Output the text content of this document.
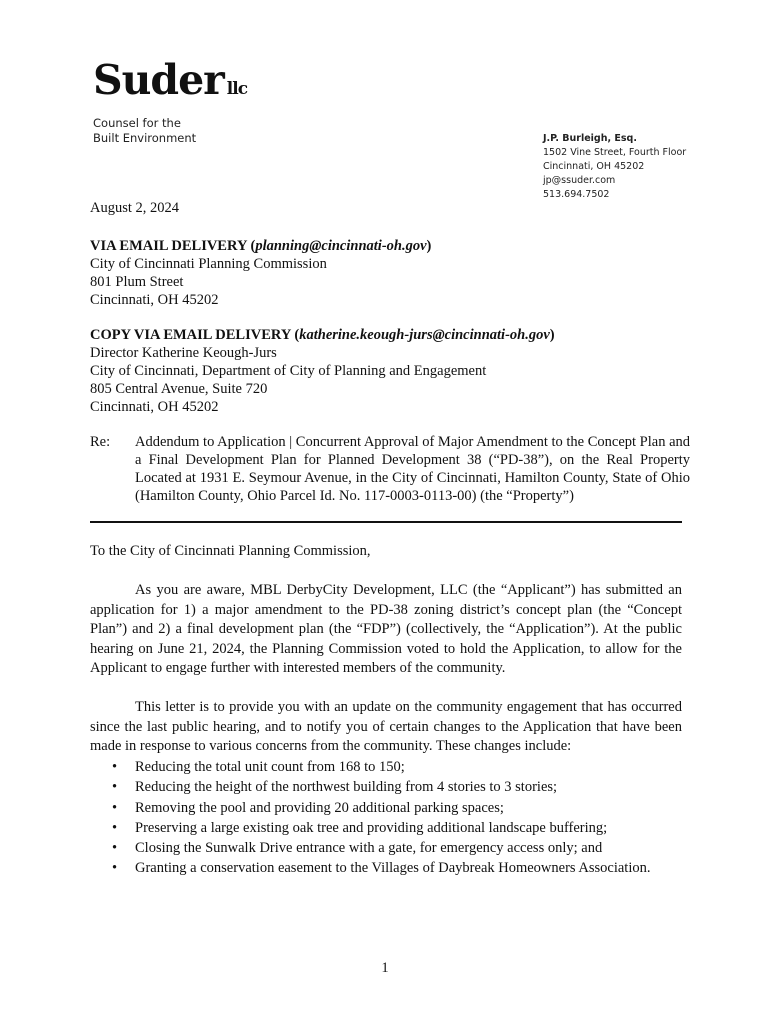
Suder llc
Counsel for the
Built Environment	J.P. Burleigh, Esq.
1502 Vine Street, Fourth Floor
Cincinnati, OH 45202
jp@ssuder.com
513.694.7502
August 2, 2024
VIA EMAIL DELIVERY (planning@cincinnati-oh.gov)
City of Cincinnati Planning Commission
801 Plum Street
Cincinnati, OH 45202
COPY VIA EMAIL DELIVERY (katherine.keough-jurs@cincinnati-oh.gov)
Director Katherine Keough-Jurs
City of Cincinnati, Department of City of Planning and Engagement
805 Central Avenue, Suite 720
Cincinnati, OH 45202
Re: Addendum to Application | Concurrent Approval of Major Amendment to the Concept Plan and a Final Development Plan for Planned Development 38 (“PD-38”), on the Real Property Located at 1931 E. Seymour Avenue, in the City of Cincinnati, Hamilton County, State of Ohio (Hamilton County, Ohio Parcel Id. No. 117-0003-0113-00) (the “Property”)
To the City of Cincinnati Planning Commission,

As you are aware, MBL DerbyCity Development, LLC (the “Applicant”) has submitted an application for 1) a major amendment to the PD-38 zoning district’s concept plan (the “Concept Plan”) and 2) a final development plan (the “FDP”) (collectively, the “Application”). At the public hearing on June 21, 2024, the Planning Commission voted to hold the Application, to allow for the Applicant to engage further with interested members of the community.

This letter is to provide you with an update on the community engagement that has occurred since the last public hearing, and to notify you of certain changes to the Application that have been made in response to various concerns from the community. These changes include:

• Reducing the total unit count from 168 to 150;
• Reducing the height of the northwest building from 4 stories to 3 stories;
• Removing the pool and providing 20 additional parking spaces;
• Preserving a large existing oak tree and providing additional landscape buffering;
• Closing the Sunwalk Drive entrance with a gate, for emergency access only; and
• Granting a conservation easement to the Villages of Daybreak Homeowners Association.
1
